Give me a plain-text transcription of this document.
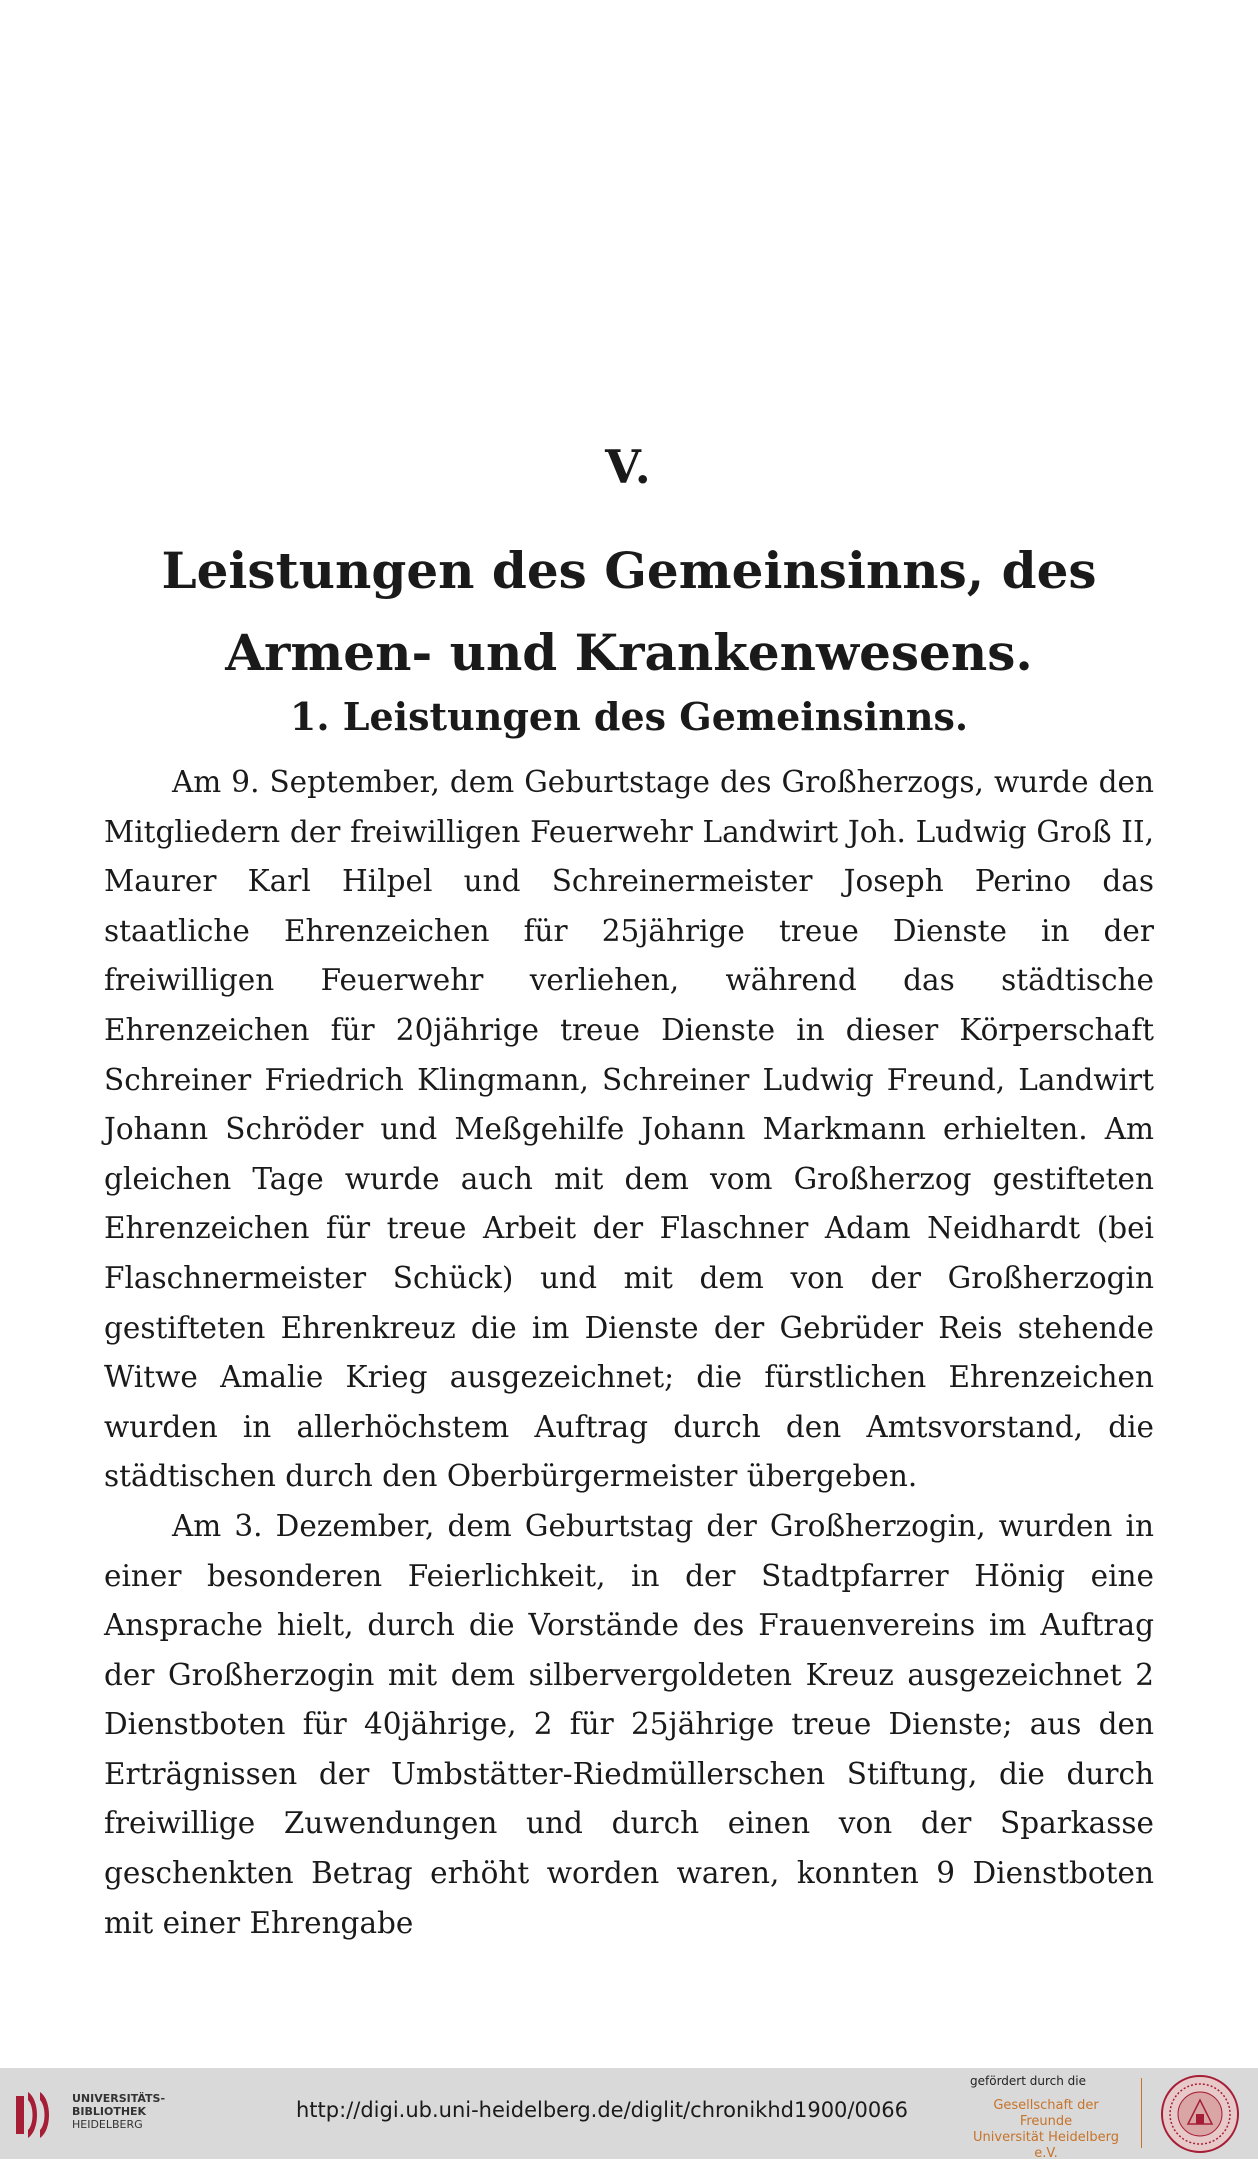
V.
Leistungen des Gemeinsinns, des Armen- und Krankenwesens.
1. Leistungen des Gemeinsinns.

Am 9. September, dem Geburtstage des Großherzogs, wurde den Mitgliedern der freiwilligen Feuerwehr Landwirt Joh. Ludwig Groß II, Maurer Karl Hilpel und Schreinermeister Joseph Perino das staatliche Ehrenzeichen für 25jährige treue Dienste in der freiwilligen Feuerwehr verliehen, während das städtische Ehrenzeichen für 20jährige treue Dienste in dieser Körperschaft Schreiner Friedrich Klingmann, Schreiner Ludwig Freund, Landwirt Johann Schröder und Meßgehilfe Johann Markmann erhielten. Am gleichen Tage wurde auch mit dem vom Großherzog gestifteten Ehrenzeichen für treue Arbeit der Flaschner Adam Neidhardt (bei Flaschnermeister Schück) und mit dem von der Großherzogin gestifteten Ehrenkreuz die im Dienste der Gebrüder Reis stehende Witwe Amalie Krieg ausgezeichnet; die fürstlichen Ehrenzeichen wurden in allerhöchstem Auftrag durch den Amtsvorstand, die städtischen durch den Oberbürgermeister übergeben.

Am 3. Dezember, dem Geburtstag der Großherzogin, wurden in einer besonderen Feierlichkeit, in der Stadtpfarrer Hönig eine Ansprache hielt, durch die Vorstände des Frauenvereins im Auftrag der Großherzogin mit dem silbervergoldeten Kreuz ausgezeichnet 2 Dienstboten für 40jährige, 2 für 25jährige treue Dienste; aus den Erträgnissen der Umbstätter-Riedmüllerschen Stiftung, die durch freiwillige Zuwendungen und durch einen von der Sparkasse geschenkten Betrag erhöht worden waren, konnten 9 Dienstboten mit einer Ehrengabe

UNIVERSITÄTS-
BIBLIOTHEK
HEIDELBERG
http://digi.ub.uni-heidelberg.de/diglit/chronikhd1900/0066
gefördert durch die
Gesellschaft der Freunde
Universität Heidelberg e.V.
